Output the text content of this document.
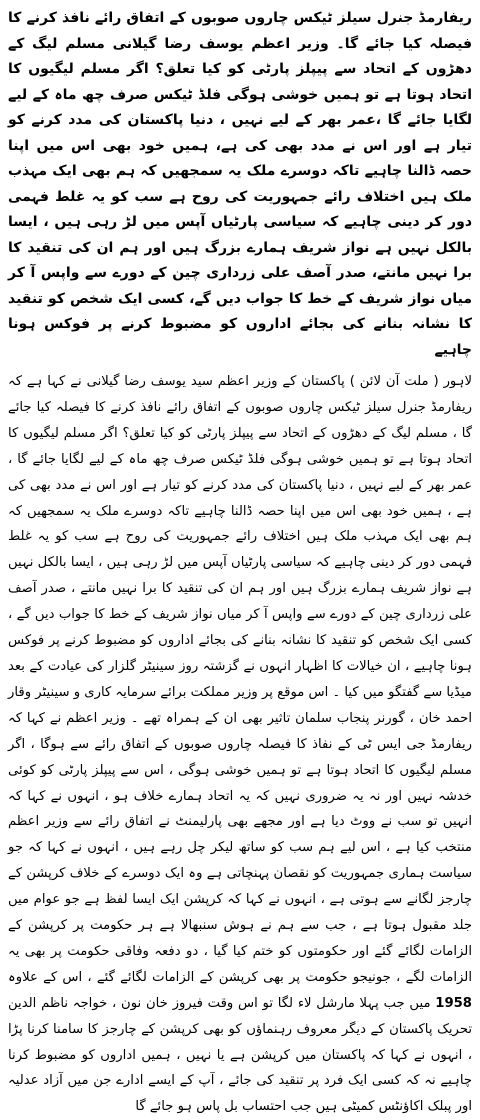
ریفارمڈ جنرل سیلز ٹیکس چاروں صوبوں کے اتفاق رائے نافذ کرنے کا فیصلہ کیا جائے گا۔ وزیر اعظم یوسف رضا گیلانی مسلم لیگ کے دھڑوں کے اتحاد سے پیپلز پارٹی کو کیا تعلق؟ اگر مسلم لیگیوں کا اتحاد ہوتا ہے تو ہمیں خوشی ہوگی فلڈ ٹیکس صرف چھ ماہ کے لیے لگایا جائے گا ،عمر بھر کے لیے نہیں ، دنیا پاکستان کی مدد کرنے کو تیار ہے اور اس نے مدد بھی کی ہے، ہمیں خود بھی اس میں اپنا حصہ ڈالنا چاہیے تاکہ دوسرے ملک یہ سمجھیں کہ ہم بھی ایک مہذب ملک ہیں اختلاف رائے جمہوریت کی روح ہے سب کو یہ غلط فہمی دور کر دینی چاہیے کہ سیاسی پارٹیاں آپس میں لڑ رہی ہیں ، ایسا بالکل نہیں ہے نواز شریف ہمارے بزرگ ہیں اور ہم ان کی تنقید کا برا نہیں مانتے، صدر آصف علی زرداری چین کے دورے سے واپس آ کر میاں نواز شریف کے خط کا جواب دیں گے، کسی ایک شخص کو تنقید کا نشانہ بنانے کی بجائے اداروں کو مضبوط کرنے پر فوکس ہونا چاہیے

لاہور ( ملت آن لائن ) پاکستان کے وزیر اعظم سید یوسف رضا گیلانی نے کہا ہے کہ ریفارمڈ جنرل سیلز ٹیکس چاروں صوبوں کے اتفاق رائے نافذ کرنے کا فیصلہ کیا جائے گا ، مسلم لیگ کے دھڑوں کے اتحاد سے پیپلز پارٹی کو کیا تعلق؟ اگر مسلم لیگیوں کا اتحاد ہوتا ہے تو ہمیں خوشی ہوگی فلڈ ٹیکس صرف چھ ماہ کے لیے لگایا جائے گا ، عمر بھر کے لیے نہیں ، دنیا پاکستان کی مدد کرنے کو تیار ہے اور اس نے مدد بھی کی ہے ، ہمیں خود بھی اس میں اپنا حصہ ڈالنا چاہیے تاکہ دوسرے ملک یہ سمجھیں کہ ہم بھی ایک مہذب ملک ہیں اختلاف رائے جمہوریت کی روح ہے سب کو یہ غلط فہمی دور کر دینی چاہیے کہ سیاسی پارٹیاں آپس میں لڑ رہی ہیں ، ایسا بالکل نہیں ہے نواز شریف ہمارے بزرگ ہیں اور ہم ان کی تنقید کا برا نہیں مانتے ، صدر آصف علی زرداری چین کے دورے سے واپس آ کر میاں نواز شریف کے خط کا جواب دیں گے ، کسی ایک شخص کو تنقید کا نشانہ بنانے کی بجائے اداروں کو مضبوط کرنے پر فوکس ہونا چاہیے ، ان خیالات کا اظہار انہوں نے گزشتہ روز سینیٹر گلزار کی عیادت کے بعد میڈیا سے گفتگو میں کیا ۔ اس موقع پر وزیر مملکت برائے سرمایہ کاری و سینیٹر وقار احمد خان ، گورنر پنجاب سلمان تاثیر بھی ان کے ہمراہ تھے ۔ وزیر اعظم نے کہا کہ ریفارمڈ جی ایس ٹی کے نفاذ کا فیصلہ چاروں صوبوں کے اتفاق رائے سے ہوگا ، اگر مسلم لیگیوں کا اتحاد ہوتا ہے تو ہمیں خوشی ہوگی ، اس سے پیپلز پارٹی کو کوئی خدشہ نہیں اور نہ یہ ضروری نہیں کہ یہ اتحاد ہمارے خلاف ہو ، انہوں نے کہا کہ انہیں تو سب نے ووٹ دیا ہے اور مجھے بھی پارلیمنٹ نے اتفاق رائے سے وزیر اعظم منتخب کیا ہے ، اس لیے ہم سب کو ساتھ لیکر چل رہے ہیں ، انہوں نے کہا کہ جو سیاست ہماری جمہوریت کو نقصان پہنچاتی ہے وہ ایک دوسرے کے خلاف کرپشن کے چارجز لگانے سے ہوتی ہے ، انہوں نے کہا کہ کرپشن ایک ایسا لفظ ہے جو عوام میں جلد مقبول ہوتا ہے ، جب سے ہم نے ہوش سنبھالا ہے ہر حکومت پر کرپشن کے الزامات لگائے گئے اور حکومتوں کو ختم کیا گیا ، دو دفعہ وفاقی حکومت پر بھی یہ الزامات لگے ، جونیجو حکومت پر بھی کرپشن کے الزامات لگائے گئے ، اس کے علاوہ 1958 میں جب پہلا مارشل لاء لگا تو اس وقت فیروز خان نون ، خواجہ ناظم الدین تحریک پاکستان کے دیگر معروف رہنماؤں کو بھی کرپشن کے چارجز کا سامنا کرنا پڑا ، انہوں نے کہا کہ پاکستان میں کرپشن ہے یا نہیں ، ہمیں اداروں کو مضبوط کرنا چاہیے نہ کہ کسی ایک فرد پر تنقید کی جائے ، آپ کے ایسے ادارے جن میں آزاد عدلیہ اور پبلک اکاؤنٹس کمیٹی ہیں جب احتساب بل پاس ہو جائے گا
